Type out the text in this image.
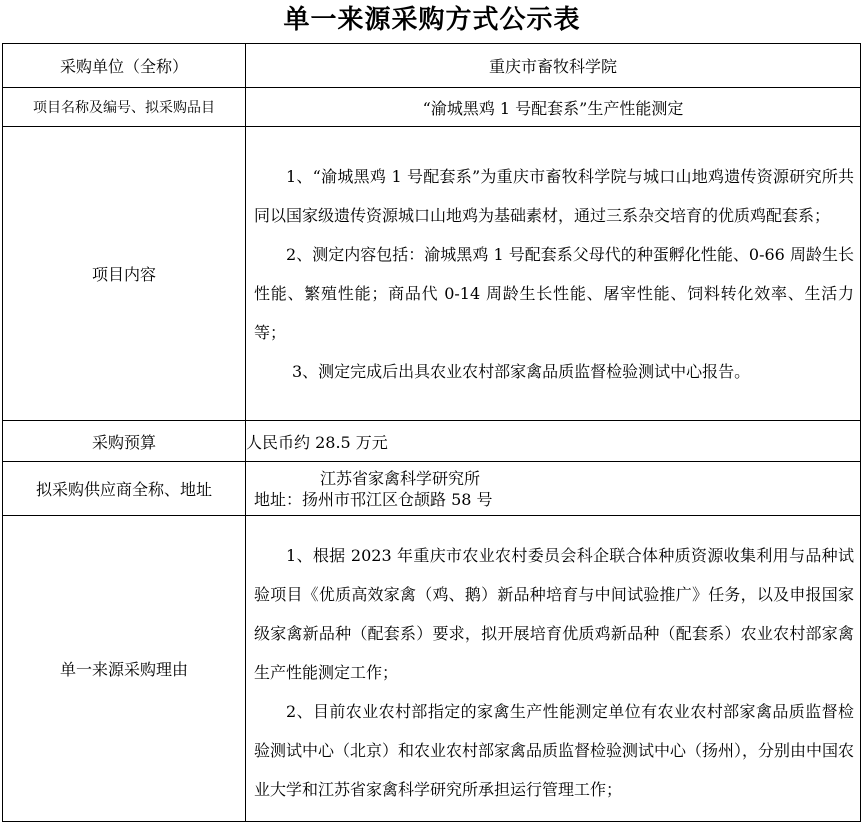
单一来源采购方式公示表
采购单位（全称）	重庆市畜牧科学院
项目名称及编号、拟采购品目	“渝城黑鸡 1 号配套系”生产性能测定
项目内容	1、“渝城黑鸡 1 号配套系”为重庆市畜牧科学院与城口山地鸡遗传资源研究所共同以国家级遗传资源城口山地鸡为基础素材，通过三系杂交培育的优质鸡配套系；

2、测定内容包括：渝城黑鸡 1 号配套系父母代的种蛋孵化性能、0-66 周龄生长性能、繁殖性能；商品代 0-14 周龄生长性能、屠宰性能、饲料转化效率、生活力等；

3、测定完成后出具农业农村部家禽品质监督检验测试中心报告。

采购预算	人民币约 28.5 万元
拟采购供应商全称、地址	江苏省家禽科学研究所
地址：扬州市邗江区仓颉路 58 号

单一来源采购理由	1、根据 2023 年重庆市农业农村委员会科企联合体种质资源收集利用与品种试验项目《优质高效家禽（鸡、鹅）新品种培育与中间试验推广》任务，以及申报国家级家禽新品种（配套系）要求，拟开展培育优质鸡新品种（配套系）农业农村部家禽生产性能测定工作；

2、目前农业农村部指定的家禽生产性能测定单位有农业农村部家禽品质监督检验测试中心（北京）和农业农村部家禽品质监督检验测试中心（扬州），分别由中国农业大学和江苏省家禽科学研究所承担运行管理工作；
